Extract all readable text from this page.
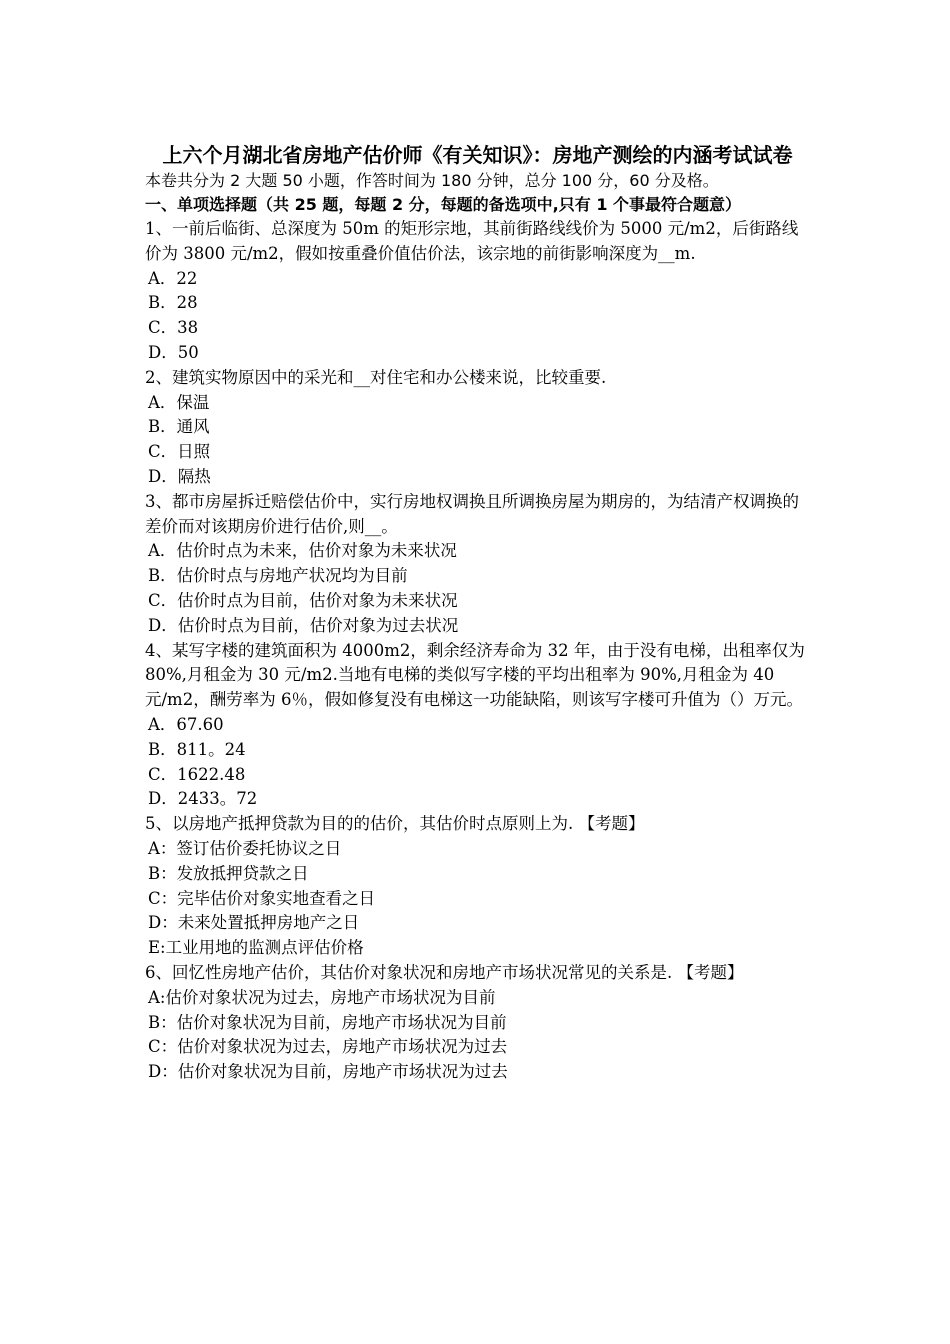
上六个月湖北省房地产估价师《有关知识》：房地产测绘的内涵考试试卷

本卷共分为 2 大题 50 小题，作答时间为 180 分钟，总分 100 分，60 分及格。

一、单项选择题（共 25 题，每题 2 分，每题的备选项中,只有 1 个事最符合题意）

1、一前后临街、总深度为 50m 的矩形宗地，其前街路线线价为 5000 元/m2，后街路线价为 3800 元/m2，假如按重叠价值估价法，该宗地的前街影响深度为__m.

A．22

B．28

C．38

D．50

2、建筑实物原因中的采光和__对住宅和办公楼来说，比较重要.

A．保温

B．通风

C．日照

D．隔热

3、都市房屋拆迁赔偿估价中，实行房地权调换且所调换房屋为期房的，为结清产权调换的差价而对该期房价进行估价,则__。

A．估价时点为未来，估价对象为未来状况

B．估价时点与房地产状况均为目前

C．估价时点为目前，估价对象为未来状况

D．估价时点为目前，估价对象为过去状况

4、某写字楼的建筑面积为 4000m2，剩余经济寿命为 32 年，由于没有电梯，出租率仅为 80%,月租金为 30 元/m2.当地有电梯的类似写字楼的平均出租率为 90%,月租金为 40 元/m2，酬劳率为 6％，假如修复没有电梯这一功能缺陷，则该写字楼可升值为（）万元。

A．67.60

B．811。24

C．1622.48

D．2433。72

5、以房地产抵押贷款为目的的估价，其估价时点原则上为. 【考题】

A：签订估价委托协议之日

B：发放抵押贷款之日

C：完毕估价对象实地查看之日

D：未来处置抵押房地产之日

E:工业用地的监测点评估价格

6、回忆性房地产估价，其估价对象状况和房地产市场状况常见的关系是. 【考题】

A:估价对象状况为过去，房地产市场状况为目前

B：估价对象状况为目前，房地产市场状况为目前

C：估价对象状况为过去，房地产市场状况为过去

D：估价对象状况为目前，房地产市场状况为过去
